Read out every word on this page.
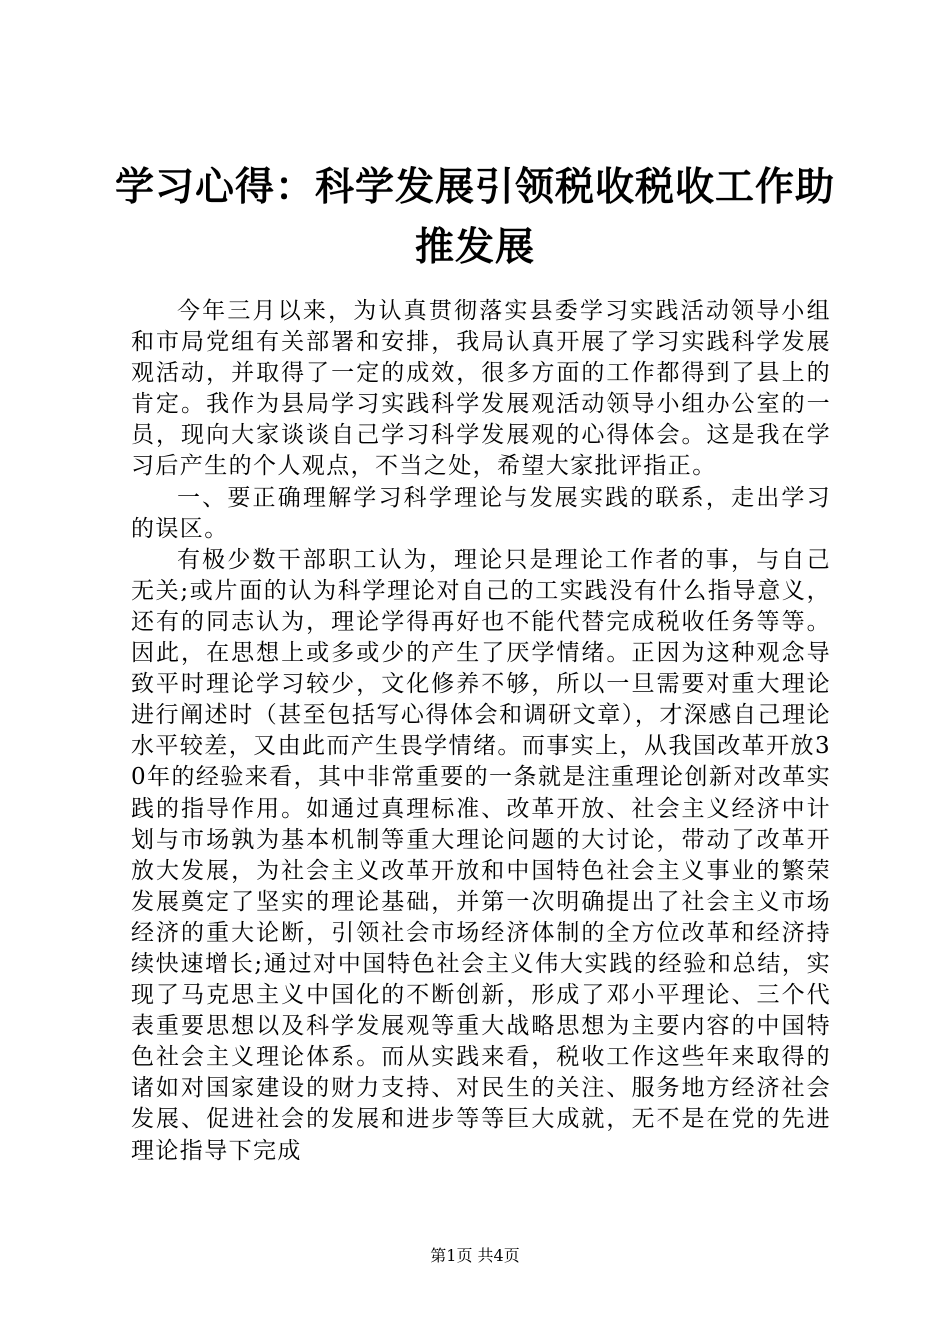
学习心得：科学发展引领税收税收工作助推发展

今年三月以来，为认真贯彻落实县委学习实践活动领导小组和市局党组有关部署和安排，我局认真开展了学习实践科学发展观活动，并取得了一定的成效，很多方面的工作都得到了县上的肯定。我作为县局学习实践科学发展观活动领导小组办公室的一员，现向大家谈谈自己学习科学发展观的心得体会。这是我在学习后产生的个人观点，不当之处，希望大家批评指正。

一、要正确理解学习科学理论与发展实践的联系，走出学习的误区。

有极少数干部职工认为，理论只是理论工作者的事，与自己无关;或片面的认为科学理论对自己的工实践没有什么指导意义，还有的同志认为，理论学得再好也不能代替完成税收任务等等。因此，在思想上或多或少的产生了厌学情绪。正因为这种观念导致平时理论学习较少，文化修养不够，所以一旦需要对重大理论进行阐述时（甚至包括写心得体会和调研文章），才深感自己理论水平较差，又由此而产生畏学情绪。而事实上，从我国改革开放30年的经验来看，其中非常重要的一条就是注重理论创新对改革实践的指导作用。如通过真理标准、改革开放、社会主义经济中计划与市场孰为基本机制等重大理论问题的大讨论，带动了改革开放大发展，为社会主义改革开放和中国特色社会主义事业的繁荣发展奠定了坚实的理论基础，并第一次明确提出了社会主义市场经济的重大论断，引领社会市场经济体制的全方位改革和经济持续快速增长;通过对中国特色社会主义伟大实践的经验和总结，实现了马克思主义中国化的不断创新，形成了邓小平理论、三个代表重要思想以及科学发展观等重大战略思想为主要内容的中国特色社会主义理论体系。而从实践来看，税收工作这些年来取得的诸如对国家建设的财力支持、对民生的关注、服务地方经济社会发展、促进社会的发展和进步等等巨大成就，无不是在党的先进理论指导下完成

第1页 共4页
